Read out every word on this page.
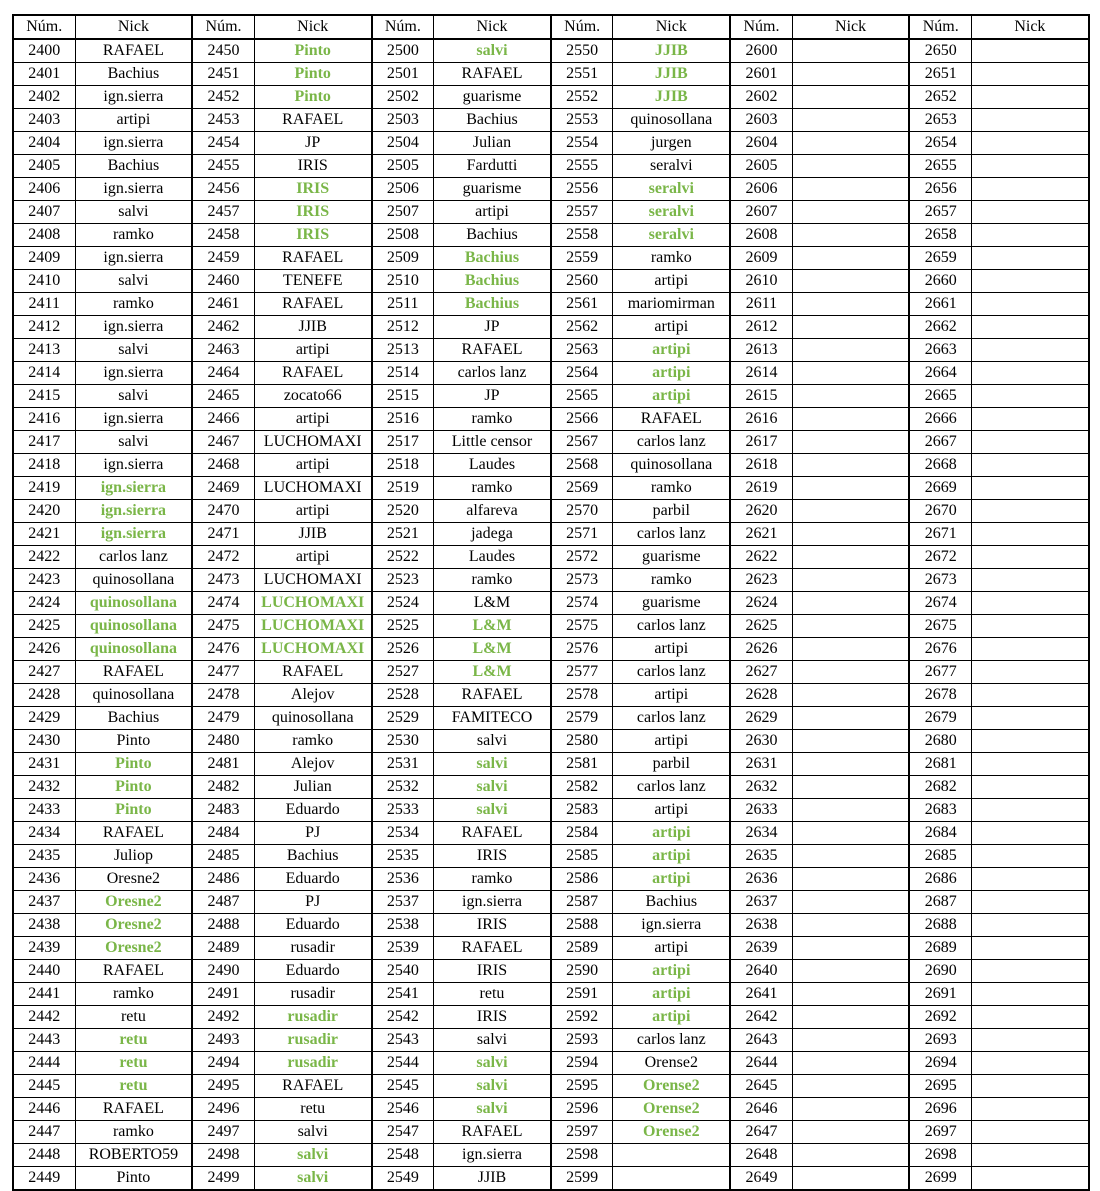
Núm.	Nick	Núm.	Nick	Núm.	Nick	Núm.	Nick	Núm.	Nick	Núm.	Nick
2400	RAFAEL	2450	Pinto	2500	salvi	2550	JJIB	2600		2650	
2401	Bachius	2451	Pinto	2501	RAFAEL	2551	JJIB	2601		2651	
2402	ign.sierra	2452	Pinto	2502	guarisme	2552	JJIB	2602		2652	
2403	artipi	2453	RAFAEL	2503	Bachius	2553	quinosollana	2603		2653	
2404	ign.sierra	2454	JP	2504	Julian	2554	jurgen	2604		2654	
2405	Bachius	2455	IRIS	2505	Fardutti	2555	seralvi	2605		2655	
2406	ign.sierra	2456	IRIS	2506	guarisme	2556	seralvi	2606		2656	
2407	salvi	2457	IRIS	2507	artipi	2557	seralvi	2607		2657	
2408	ramko	2458	IRIS	2508	Bachius	2558	seralvi	2608		2658	
2409	ign.sierra	2459	RAFAEL	2509	Bachius	2559	ramko	2609		2659	
2410	salvi	2460	TENEFE	2510	Bachius	2560	artipi	2610		2660	
2411	ramko	2461	RAFAEL	2511	Bachius	2561	mariomirman	2611		2661	
2412	ign.sierra	2462	JJIB	2512	JP	2562	artipi	2612		2662	
2413	salvi	2463	artipi	2513	RAFAEL	2563	artipi	2613		2663	
2414	ign.sierra	2464	RAFAEL	2514	carlos lanz	2564	artipi	2614		2664	
2415	salvi	2465	zocato66	2515	JP	2565	artipi	2615		2665	
2416	ign.sierra	2466	artipi	2516	ramko	2566	RAFAEL	2616		2666	
2417	salvi	2467	LUCHOMAXI	2517	Little censor	2567	carlos lanz	2617		2667	
2418	ign.sierra	2468	artipi	2518	Laudes	2568	quinosollana	2618		2668	
2419	ign.sierra	2469	LUCHOMAXI	2519	ramko	2569	ramko	2619		2669	
2420	ign.sierra	2470	artipi	2520	alfareva	2570	parbil	2620		2670	
2421	ign.sierra	2471	JJIB	2521	jadega	2571	carlos lanz	2621		2671	
2422	carlos lanz	2472	artipi	2522	Laudes	2572	guarisme	2622		2672	
2423	quinosollana	2473	LUCHOMAXI	2523	ramko	2573	ramko	2623		2673	
2424	quinosollana	2474	LUCHOMAXI	2524	L&M	2574	guarisme	2624		2674	
2425	quinosollana	2475	LUCHOMAXI	2525	L&M	2575	carlos lanz	2625		2675	
2426	quinosollana	2476	LUCHOMAXI	2526	L&M	2576	artipi	2626		2676	
2427	RAFAEL	2477	RAFAEL	2527	L&M	2577	carlos lanz	2627		2677	
2428	quinosollana	2478	Alejov	2528	RAFAEL	2578	artipi	2628		2678	
2429	Bachius	2479	quinosollana	2529	FAMITECO	2579	carlos lanz	2629		2679	
2430	Pinto	2480	ramko	2530	salvi	2580	artipi	2630		2680	
2431	Pinto	2481	Alejov	2531	salvi	2581	parbil	2631		2681	
2432	Pinto	2482	Julian	2532	salvi	2582	carlos lanz	2632		2682	
2433	Pinto	2483	Eduardo	2533	salvi	2583	artipi	2633		2683	
2434	RAFAEL	2484	PJ	2534	RAFAEL	2584	artipi	2634		2684	
2435	Juliop	2485	Bachius	2535	IRIS	2585	artipi	2635		2685	
2436	Oresne2	2486	Eduardo	2536	ramko	2586	artipi	2636		2686	
2437	Oresne2	2487	PJ	2537	ign.sierra	2587	Bachius	2637		2687	
2438	Oresne2	2488	Eduardo	2538	IRIS	2588	ign.sierra	2638		2688	
2439	Oresne2	2489	rusadir	2539	RAFAEL	2589	artipi	2639		2689	
2440	RAFAEL	2490	Eduardo	2540	IRIS	2590	artipi	2640		2690	
2441	ramko	2491	rusadir	2541	retu	2591	artipi	2641		2691	
2442	retu	2492	rusadir	2542	IRIS	2592	artipi	2642		2692	
2443	retu	2493	rusadir	2543	salvi	2593	carlos lanz	2643		2693	
2444	retu	2494	rusadir	2544	salvi	2594	Orense2	2644		2694	
2445	retu	2495	RAFAEL	2545	salvi	2595	Orense2	2645		2695	
2446	RAFAEL	2496	retu	2546	salvi	2596	Orense2	2646		2696	
2447	ramko	2497	salvi	2547	RAFAEL	2597	Orense2	2647		2697	
2448	ROBERTO59	2498	salvi	2548	ign.sierra	2598		2648		2698	
2449	Pinto	2499	salvi	2549	JJIB	2599		2649		2699	
